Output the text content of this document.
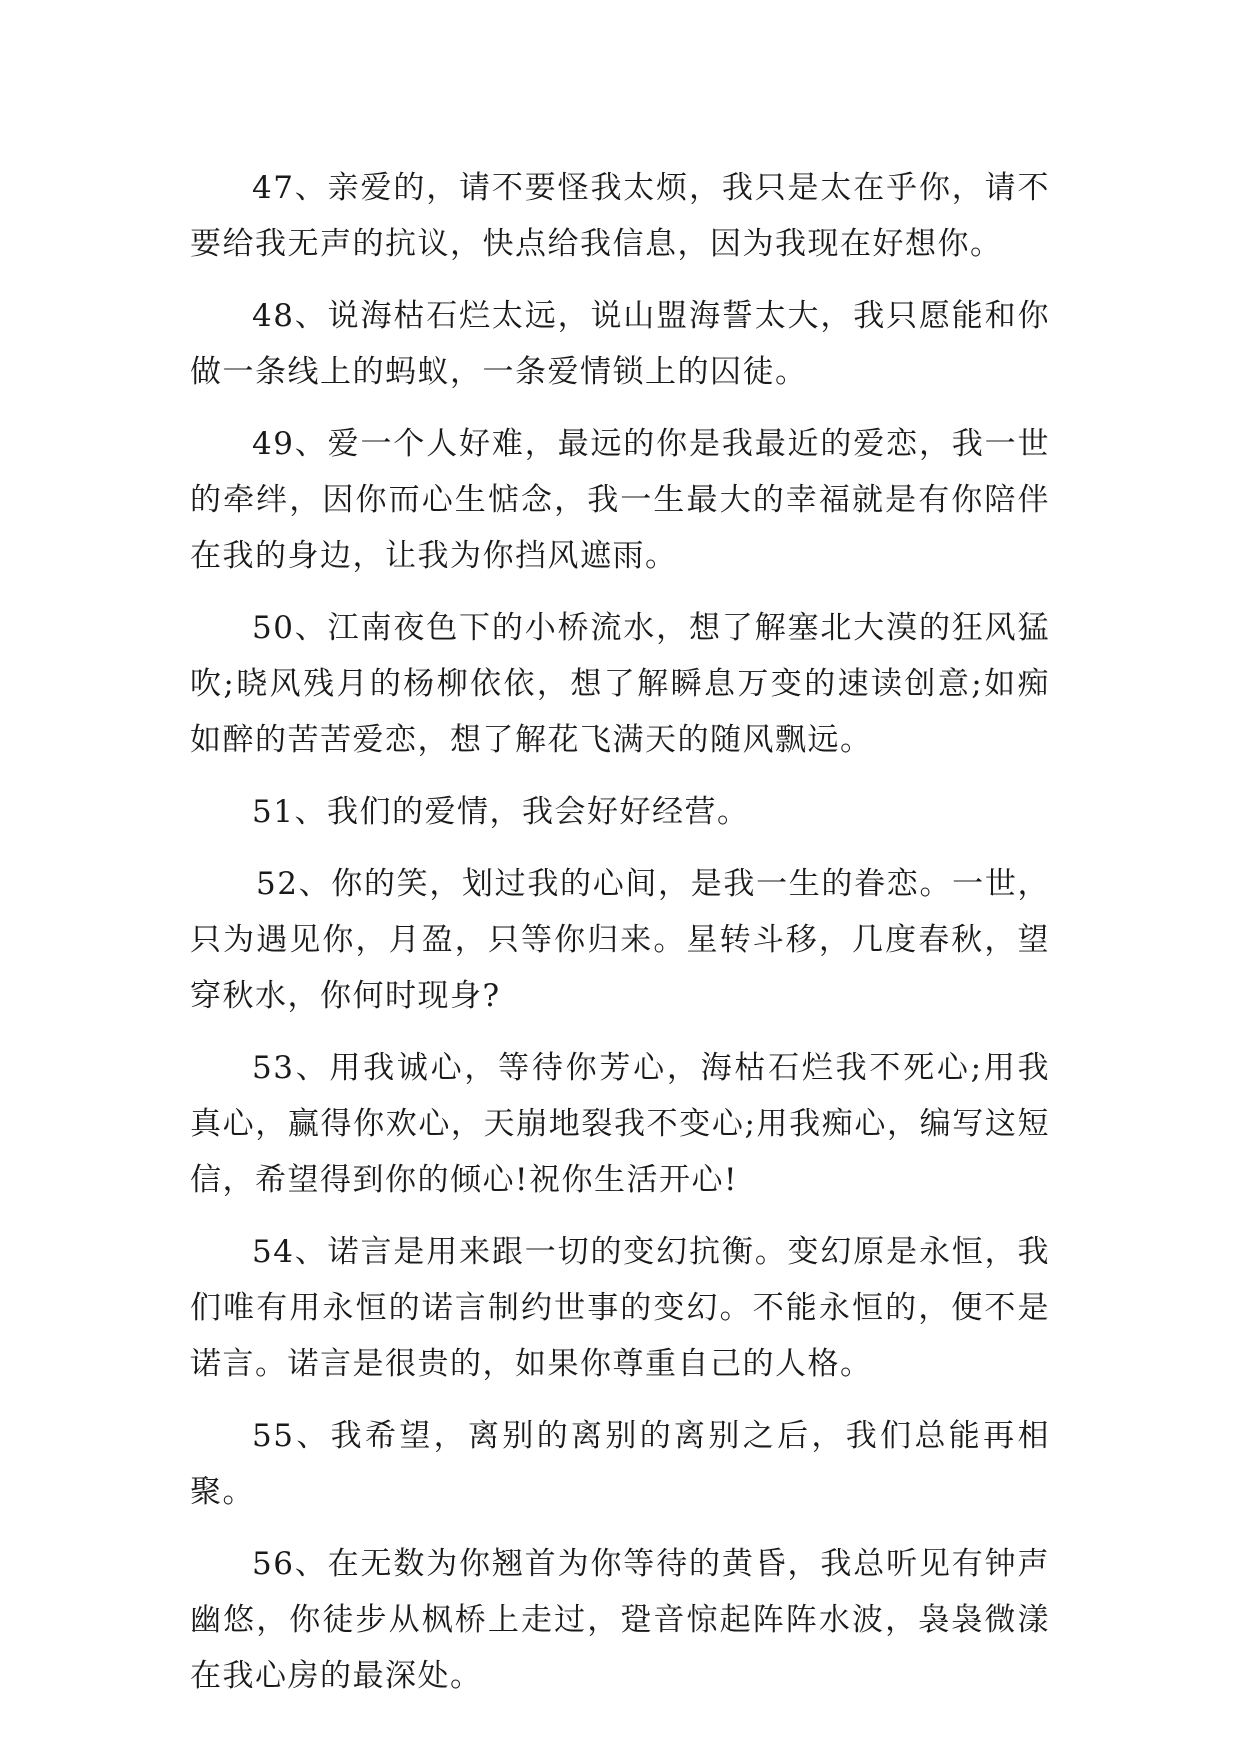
47、亲爱的，请不要怪我太烦，我只是太在乎你，请不要给我无声的抗议，快点给我信息，因为我现在好想你。

48、说海枯石烂太远，说山盟海誓太大，我只愿能和你做一条线上的蚂蚁，一条爱情锁上的囚徒。

49、爱一个人好难，最远的你是我最近的爱恋，我一世的牵绊，因你而心生惦念，我一生最大的幸福就是有你陪伴在我的身边，让我为你挡风遮雨。

50、江南夜色下的小桥流水，想了解塞北大漠的狂风猛吹;晓风残月的杨柳依依，想了解瞬息万变的速读创意;如痴如醉的苦苦爱恋，想了解花飞满天的随风飘远。

51、我们的爱情，我会好好经营。

52、你的笑，划过我的心间，是我一生的眷恋。一世，只为遇见你，月盈，只等你归来。星转斗移，几度春秋，望穿秋水，你何时现身?

53、用我诚心，等待你芳心，海枯石烂我不死心;用我真心，赢得你欢心，天崩地裂我不变心;用我痴心，编写这短信，希望得到你的倾心!祝你生活开心!

54、诺言是用来跟一切的变幻抗衡。变幻原是永恒，我们唯有用永恒的诺言制约世事的变幻。不能永恒的，便不是诺言。诺言是很贵的，如果你尊重自己的人格。

55、我希望，离别的离别的离别之后，我们总能再相聚。

56、在无数为你翘首为你等待的黄昏，我总听见有钟声幽悠，你徒步从枫桥上走过，跫音惊起阵阵水波，袅袅微漾在我心房的最深处。
